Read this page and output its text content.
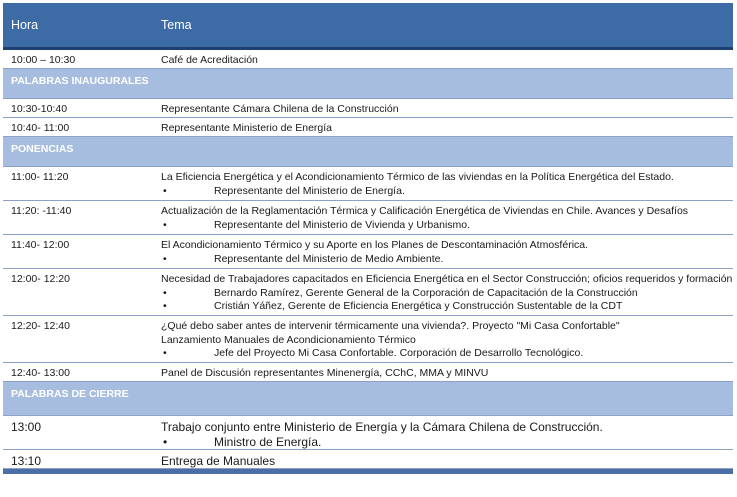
Hora	Tema
10:00 – 10:30	Café de Acreditación
PALABRAS INAUGURALES
10:30-10:40	Representante Cámara Chilena de la Construcción
10:40- 11:00	Representante Ministerio de Energía
PONENCIAS
11:00- 11:20	La Eficiencia Energética y el Acondicionamiento Térmico de las viviendas en la Política Energética del Estado.
•	Representante del Ministerio de Energía.
11:20: -11:40	Actualización de la Reglamentación Térmica y Calificación Energética de Viviendas en Chile. Avances y Desafíos
•	Representante del Ministerio de Vivienda y Urbanismo.
11:40- 12:00	El Acondicionamiento Térmico y su Aporte en los Planes de Descontaminación Atmosférica.
•	Representante del Ministerio de Medio Ambiente.
12:00- 12:20	Necesidad de Trabajadores capacitados en Eficiencia Energética en el Sector Construcción; oficios requeridos y formación
•	Bernardo Ramírez, Gerente General de la Corporación de Capacitación de la Construcción
•	Cristián Yáñez, Gerente de Eficiencia Energética y Construcción Sustentable de la CDT
12:20- 12:40	¿Qué debo saber antes de intervenir térmicamente una vivienda?. Proyecto "Mi Casa Confortable"
Lanzamiento Manuales de Acondicionamiento Térmico
•	Jefe del Proyecto Mi Casa Confortable. Corporación de Desarrollo Tecnológico.
12:40- 13:00	Panel de Discusión representantes Minenergía, CChC, MMA y MINVU
PALABRAS DE CIERRE
13:00	Trabajo conjunto entre Ministerio de Energía y la Cámara Chilena de Construcción.
•	Ministro de Energía.
13:10	Entrega de Manuales
